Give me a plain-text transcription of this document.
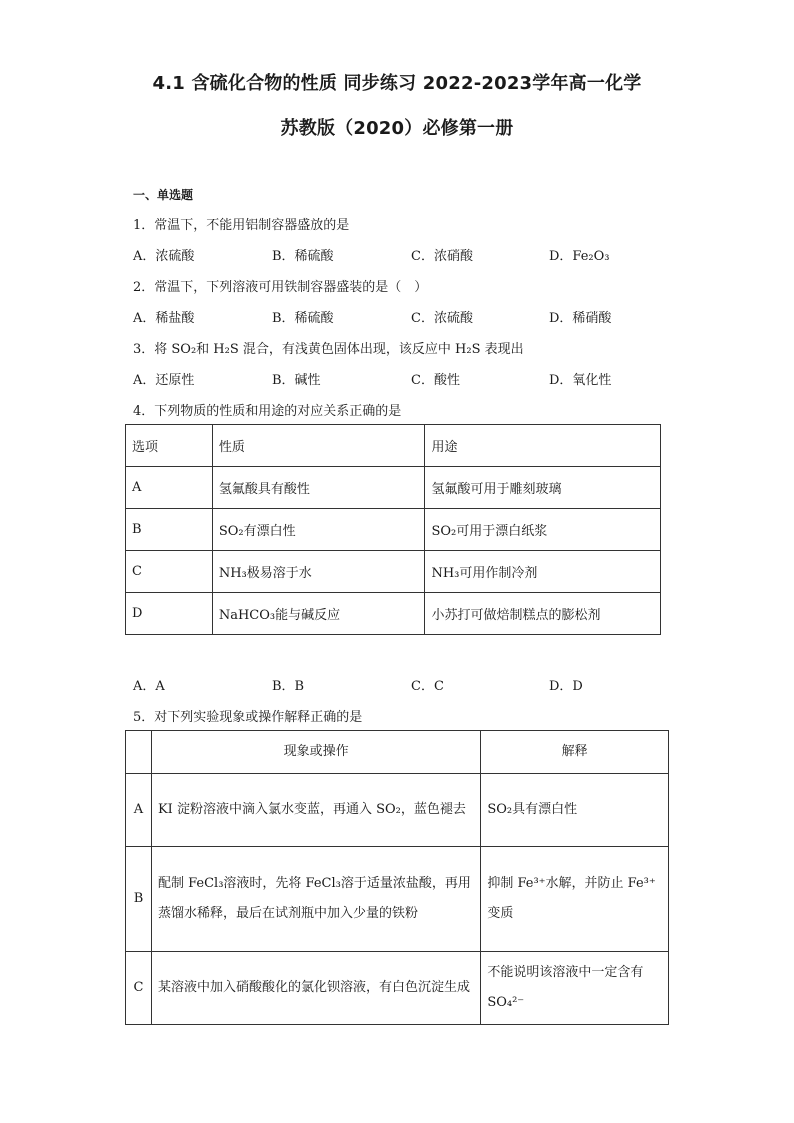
4.1 含硫化合物的性质 同步练习 2022-2023学年高一化学
苏教版（2020）必修第一册
一、单选题
1．常温下，不能用铝制容器盛放的是
A．浓硫酸	B．稀硫酸	C．浓硝酸	D．Fe₂O₃
2．常温下，下列溶液可用铁制容器盛装的是（　）
A．稀盐酸	B．稀硫酸	C．浓硫酸	D．稀硝酸
3．将 SO₂和 H₂S 混合，有浅黄色固体出现，该反应中 H₂S 表现出
A．还原性	B．碱性	C．酸性	D．氧化性
4．下列物质的性质和用途的对应关系正确的是
选项	性质	用途
A	氢氟酸具有酸性	氢氟酸可用于雕刻玻璃
B	SO₂有漂白性	SO₂可用于漂白纸浆
C	NH₃极易溶于水	NH₃可用作制冷剂
D	NaHCO₃能与碱反应	小苏打可做焙制糕点的膨松剂
A．A	B．B	C．C	D．D
5．对下列实验现象或操作解释正确的是
	现象或操作	解释
A	KI 淀粉溶液中滴入氯水变蓝，再通入 SO₂，蓝色褪去	SO₂具有漂白性
B	配制 FeCl₃溶液时，先将 FeCl₃溶于适量浓盐酸，再用 蒸馏水稀释，最后在试剂瓶中加入少量的铁粉	抑制 Fe³⁺水解，并防止 Fe³⁺变质
C	某溶液中加入硝酸酸化的氯化钡溶液，有白色沉淀生成	不能说明该溶液中一定含有 SO₄²⁻
